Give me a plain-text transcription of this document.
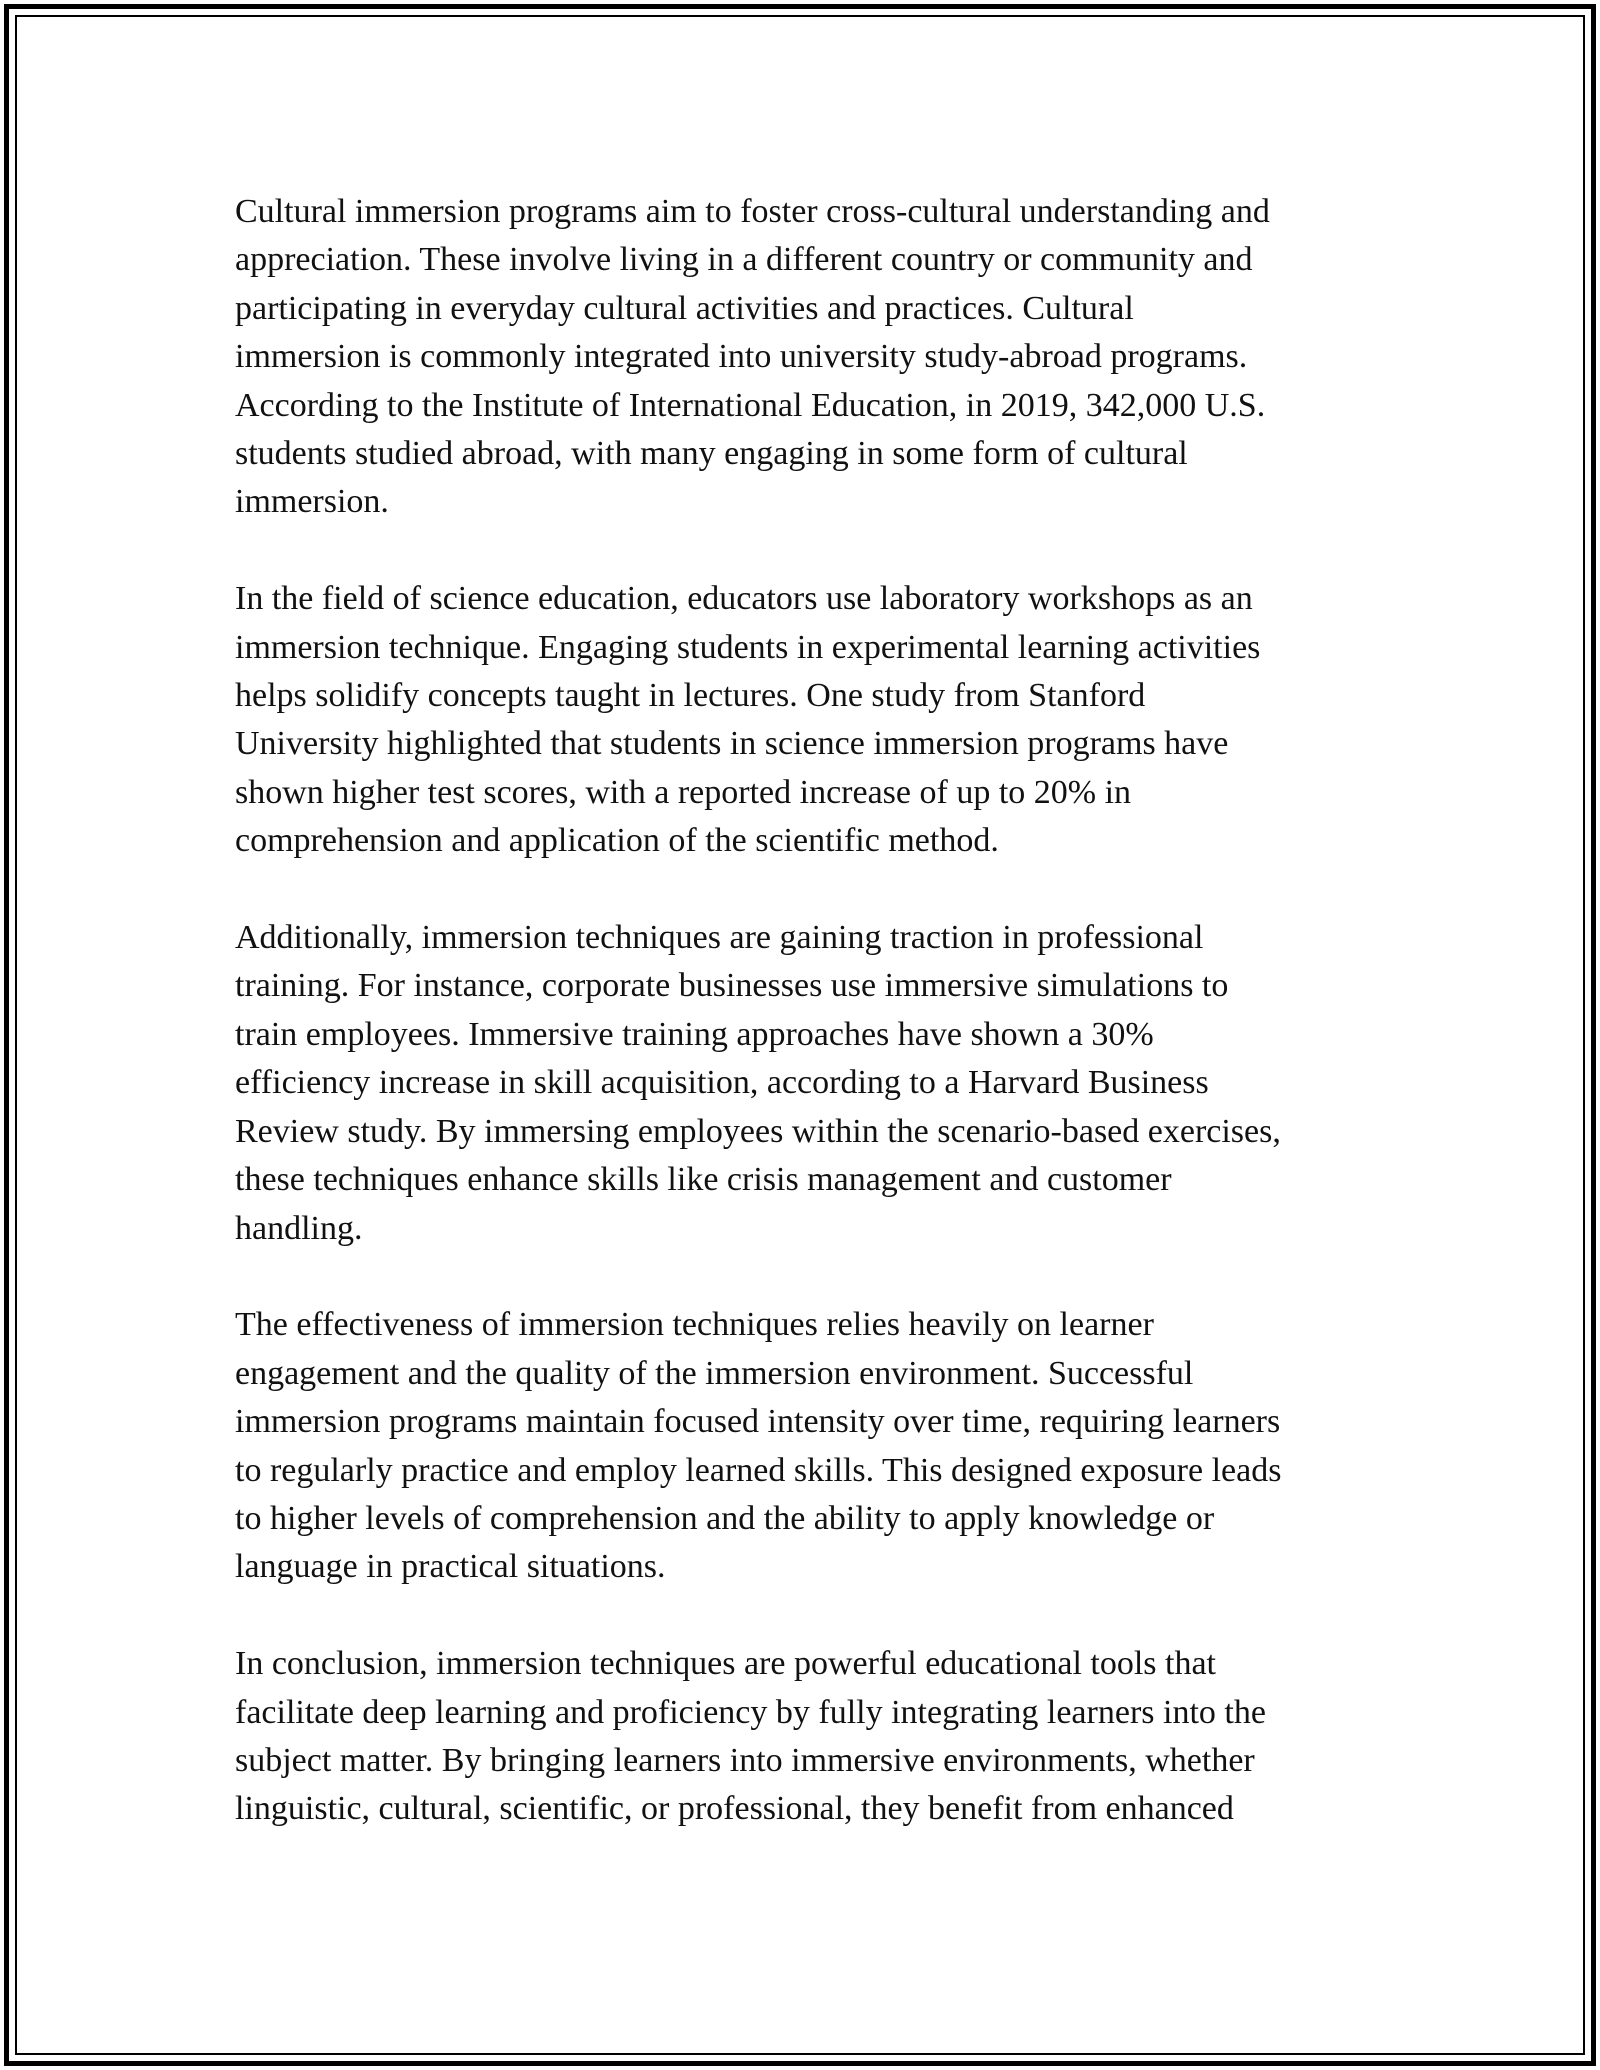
Cultural immersion programs aim to foster cross-cultural understanding and
appreciation. These involve living in a different country or community and
participating in everyday cultural activities and practices. Cultural
immersion is commonly integrated into university study-abroad programs.
According to the Institute of International Education, in 2019, 342,000 U.S.
students studied abroad, with many engaging in some form of cultural
immersion.

In the field of science education, educators use laboratory workshops as an
immersion technique. Engaging students in experimental learning activities
helps solidify concepts taught in lectures. One study from Stanford
University highlighted that students in science immersion programs have
shown higher test scores, with a reported increase of up to 20% in
comprehension and application of the scientific method.

Additionally, immersion techniques are gaining traction in professional
training. For instance, corporate businesses use immersive simulations to
train employees. Immersive training approaches have shown a 30%
efficiency increase in skill acquisition, according to a Harvard Business
Review study. By immersing employees within the scenario-based exercises,
these techniques enhance skills like crisis management and customer
handling.

The effectiveness of immersion techniques relies heavily on learner
engagement and the quality of the immersion environment. Successful
immersion programs maintain focused intensity over time, requiring learners
to regularly practice and employ learned skills. This designed exposure leads
to higher levels of comprehension and the ability to apply knowledge or
language in practical situations.

In conclusion, immersion techniques are powerful educational tools that
facilitate deep learning and proficiency by fully integrating learners into the
subject matter. By bringing learners into immersive environments, whether
linguistic, cultural, scientific, or professional, they benefit from enhanced
